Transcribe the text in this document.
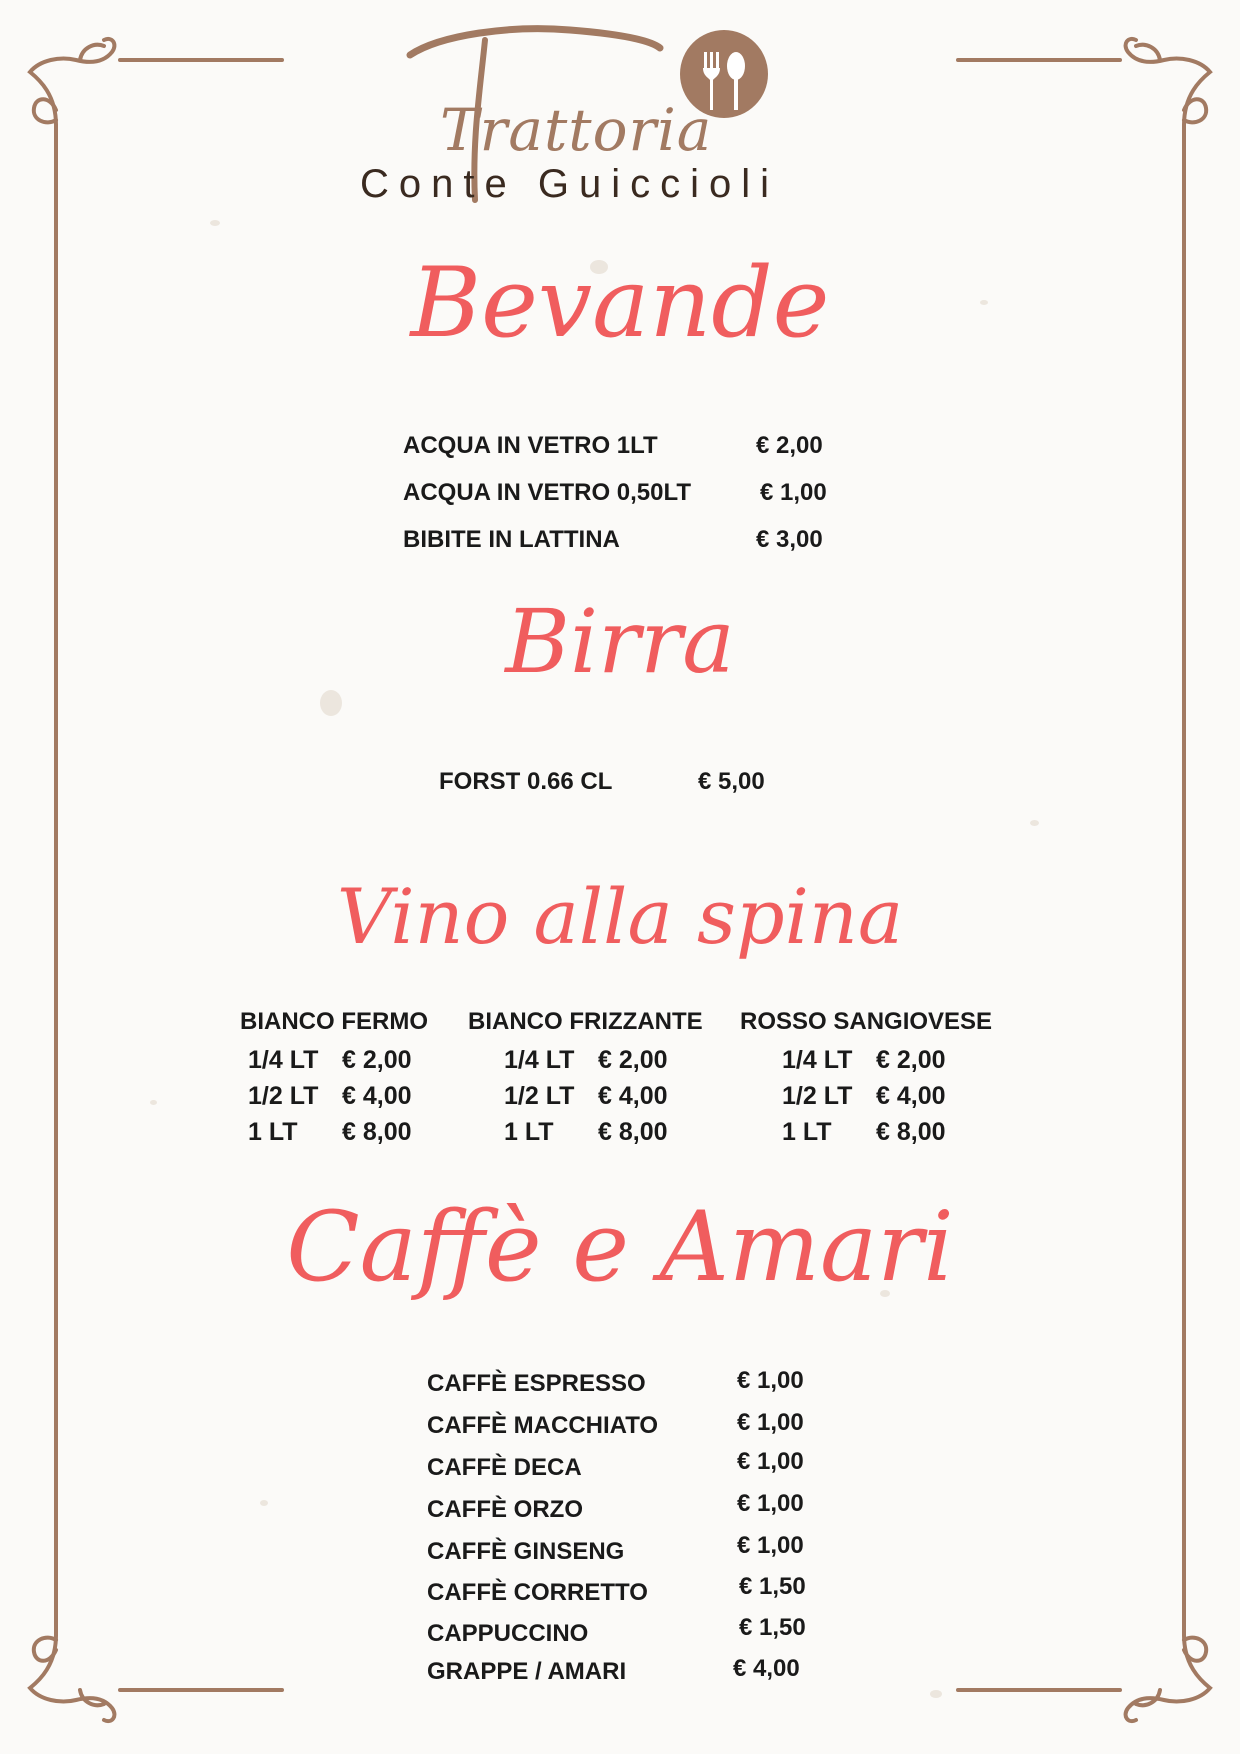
Trattoria
Conte Guiccioli
Bevande
ACQUA IN VETRO 1LT	€ 2,00
ACQUA IN VETRO 0,50LT	€ 1,00
BIBITE IN LATTINA	€ 3,00
Birra
FORST 0.66 CL	€ 5,00
Vino alla spina
BIANCO FERMO
1/4 LT € 2,00
1/2 LT € 4,00
1 LT € 8,00
BIANCO FRIZZANTE
1/4 LT € 2,00
1/2 LT € 4,00
1 LT € 8,00
ROSSO SANGIOVESE
1/4 LT € 2,00
1/2 LT € 4,00
1 LT € 8,00
Caffè e Amari
CAFFÈ ESPRESSO	€ 1,00
CAFFÈ MACCHIATO	€ 1,00
CAFFÈ DECA	€ 1,00
CAFFÈ ORZO	€ 1,00
CAFFÈ GINSENG	€ 1,00
CAFFÈ CORRETTO	€ 1,50
CAPPUCCINO	€ 1,50
GRAPPE / AMARI	€ 4,00
